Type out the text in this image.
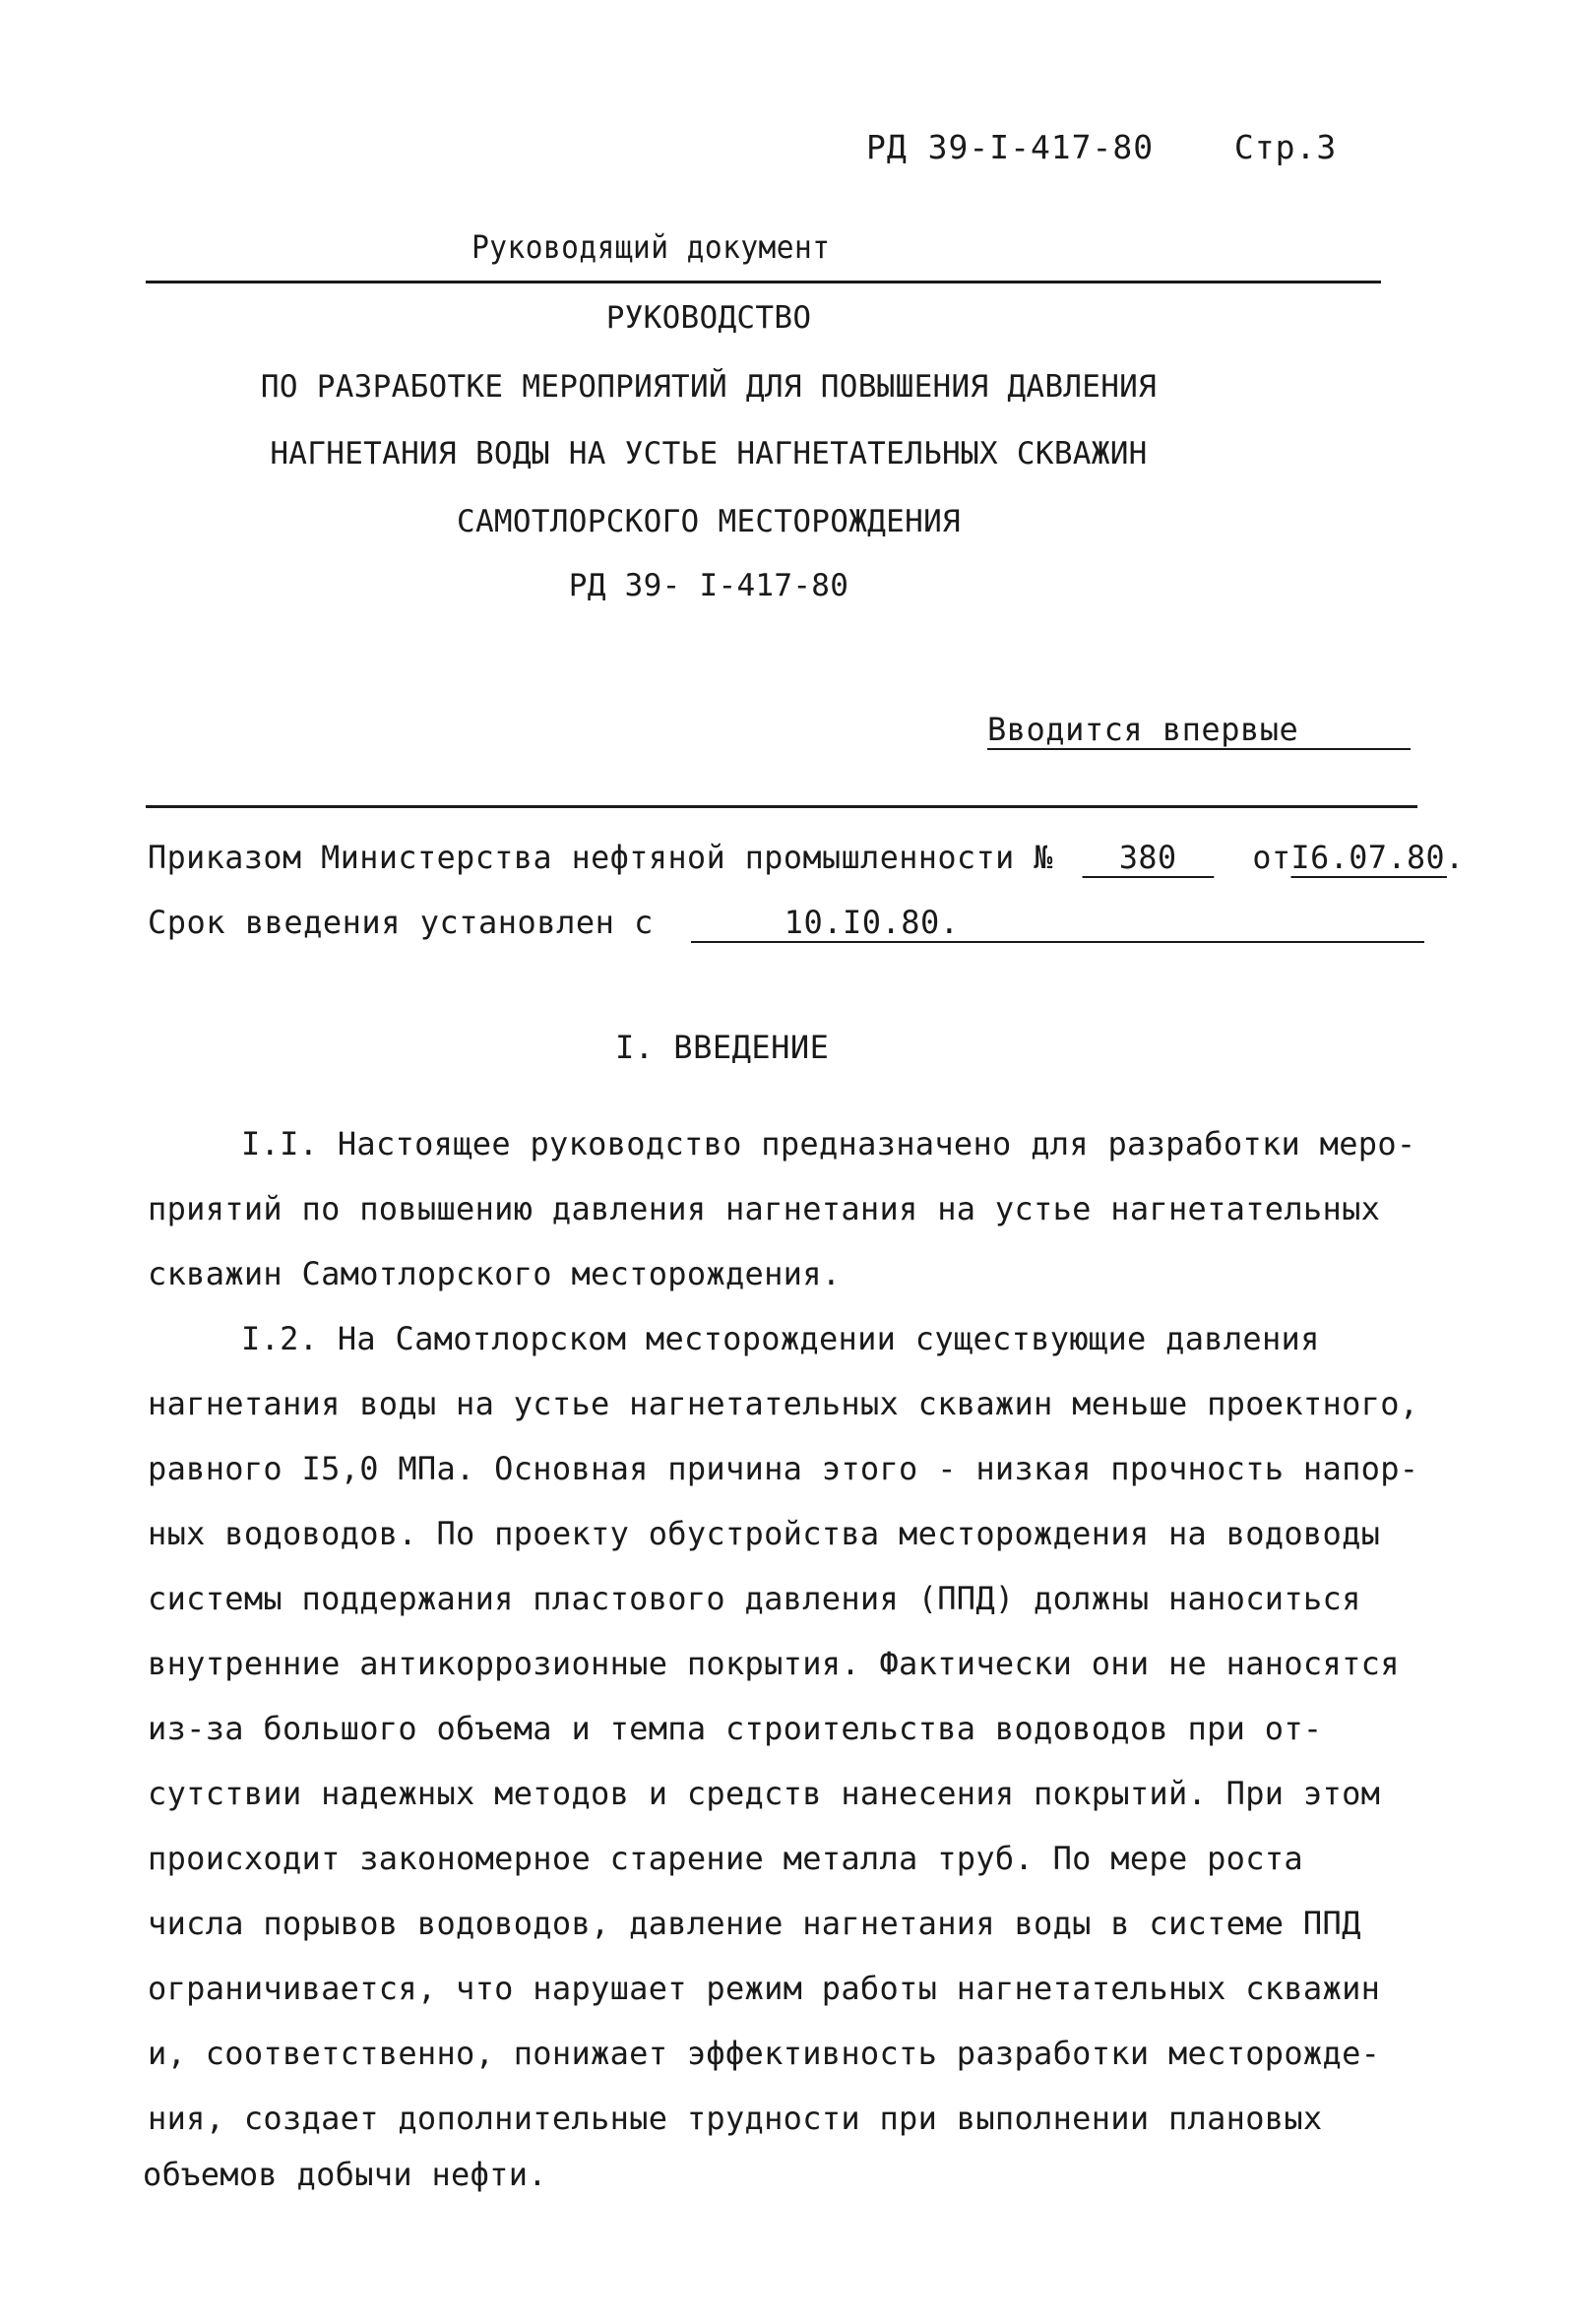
РД 39-I-417-80 Стр.3
Руководящий документ
РУКОВОДСТВО
ПО РАЗРАБОТКЕ МЕРОПРИЯТИЙ ДЛЯ ПОВЫШЕНИЯ ДАВЛЕНИЯ
НАГНЕТАНИЯ ВОДЫ НА УСТЬЕ НАГНЕТАТЕЛЬНЫХ СКВАЖИН
САМОТЛОРСКОГО МЕСТОРОЖДЕНИЯ
РД 39- I-417-80
Вводится впервые
Приказом Министерства нефтяной промышленности № 380 отI6.07.80.
Срок введения установлен с	10.I0.80.
I. ВВЕДЕНИЕ
I.I. Настоящее руководство предназначено для разработки меро-
приятий по повышению давления нагнетания на устье нагнетательных
скважин Самотлорского месторождения.
I.2. На Самотлорском месторождении существующие давления
нагнетания воды на устье нагнетательных скважин меньше проектного,
равного I5,0 МПа. Основная причина этого - низкая прочность напор-
ных водоводов. По проекту обустройства месторождения на водоводы
системы поддержания пластового давления (ППД) должны наноситься
внутренние антикоррозионные покрытия. Фактически они не наносятся
из-за большого объема и темпа строительства водоводов при от-
сутствии надежных методов и средств нанесения покрытий. При этом
происходит закономерное старение металла труб. По мере роста
числа порывов водоводов, давление нагнетания воды в системе ППД
ограничивается, что нарушает режим работы нагнетательных скважин
и, соответственно, понижает эффективность разработки месторожде-
ния, создает дополнительные трудности при выполнении плановых
объемов добычи нефти.
